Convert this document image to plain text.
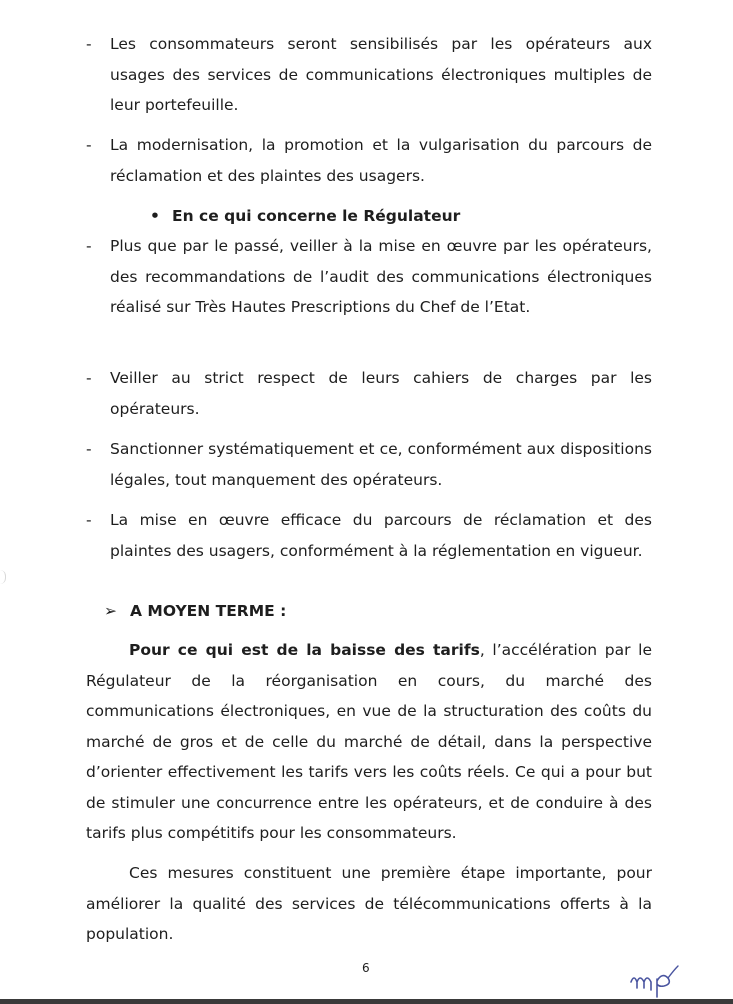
-	Les consommateurs seront sensibilisés par les opérateurs aux usages des services de communications électroniques multiples de leur portefeuille.
-	La modernisation, la promotion et la vulgarisation du parcours de réclamation et des plaintes des usagers.
• En ce qui concerne le Régulateur
-	Plus que par le passé, veiller à la mise en œuvre par les opérateurs, des recommandations de l’audit des communications électroniques réalisé sur Très Hautes Prescriptions du Chef de l’Etat.
-	Veiller au strict respect de leurs cahiers de charges par les opérateurs.
-	Sanctionner systématiquement et ce, conformément aux dispositions légales, tout manquement des opérateurs.
-	La mise en œuvre efficace du parcours de réclamation et des plaintes des usagers, conformément à la réglementation en vigueur.
➢ A MOYEN TERME :
Pour ce qui est de la baisse des tarifs, l’accélération par le Régulateur de la réorganisation en cours, du marché des communications électroniques, en vue de la structuration des coûts du marché de gros et de celle du marché de détail, dans la perspective d’orienter effectivement les tarifs vers les coûts réels. Ce qui a pour but de stimuler une concurrence entre les opérateurs, et de conduire à des tarifs plus compétitifs pour les consommateurs.
Ces mesures constituent une première étape importante, pour améliorer la qualité des services de télécommunications offerts à la population.
6
